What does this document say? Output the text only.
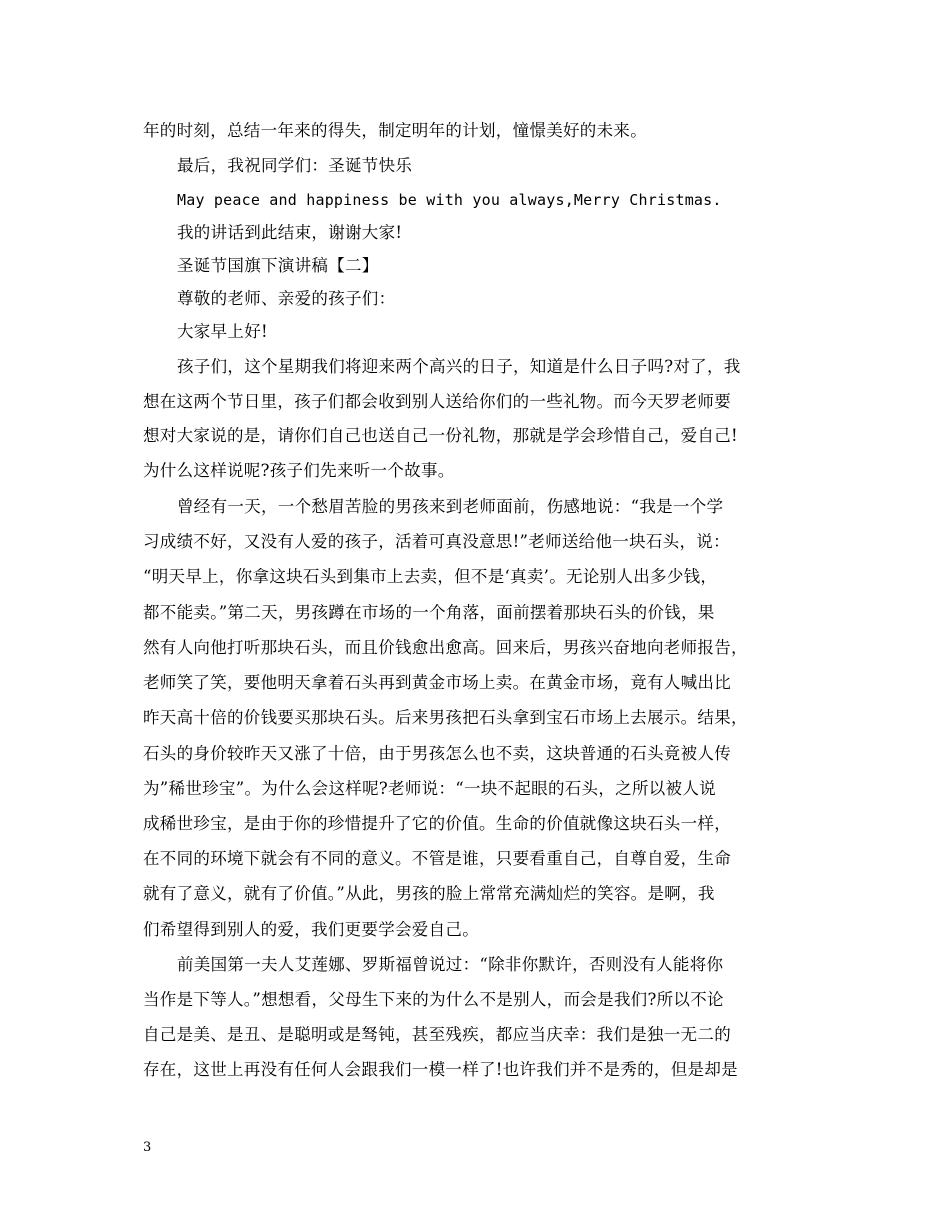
年的时刻，总结一年来的得失，制定明年的计划，憧憬美好的未来。
最后，我祝同学们：圣诞节快乐
May peace and happiness be with you always,Merry Christmas.
我的讲话到此结束，谢谢大家!
圣诞节国旗下演讲稿【二】
尊敬的老师、亲爱的孩子们：
大家早上好!
孩子们，这个星期我们将迎来两个高兴的日子，知道是什么日子吗?对了，我
想在这两个节日里，孩子们都会收到别人送给你们的一些礼物。而今天罗老师要
想对大家说的是，请你们自己也送自己一份礼物，那就是学会珍惜自己，爱自己!
为什么这样说呢?孩子们先来听一个故事。
曾经有一天，一个愁眉苦脸的男孩来到老师面前，伤感地说：“我是一个学
习成绩不好，又没有人爱的孩子，活着可真没意思!”老师送给他一块石头，说：
“明天早上，你拿这块石头到集市上去卖，但不是‘真卖’。无论别人出多少钱，
都不能卖。”第二天，男孩蹲在市场的一个角落，面前摆着那块石头的价钱，果
然有人向他打听那块石头，而且价钱愈出愈高。回来后，男孩兴奋地向老师报告，
老师笑了笑，要他明天拿着石头再到黄金市场上卖。在黄金市场，竟有人喊出比
昨天高十倍的价钱要买那块石头。后来男孩把石头拿到宝石市场上去展示。结果，
石头的身价较昨天又涨了十倍，由于男孩怎么也不卖，这块普通的石头竟被人传
为”稀世珍宝”。为什么会这样呢?老师说：“一块不起眼的石头，之所以被人说
成稀世珍宝，是由于你的珍惜提升了它的价值。生命的价值就像这块石头一样，
在不同的环境下就会有不同的意义。不管是谁，只要看重自己，自尊自爱，生命
就有了意义，就有了价值。”从此，男孩的脸上常常充满灿烂的笑容。是啊，我
们希望得到别人的爱，我们更要学会爱自己。
前美国第一夫人艾莲娜、罗斯福曾说过：“除非你默许，否则没有人能将你
当作是下等人。”想想看，父母生下来的为什么不是别人，而会是我们?所以不论
自己是美、是丑、是聪明或是驽钝，甚至残疾，都应当庆幸：我们是独一无二的
存在，这世上再没有任何人会跟我们一模一样了!也许我们并不是秀的，但是却是
3
